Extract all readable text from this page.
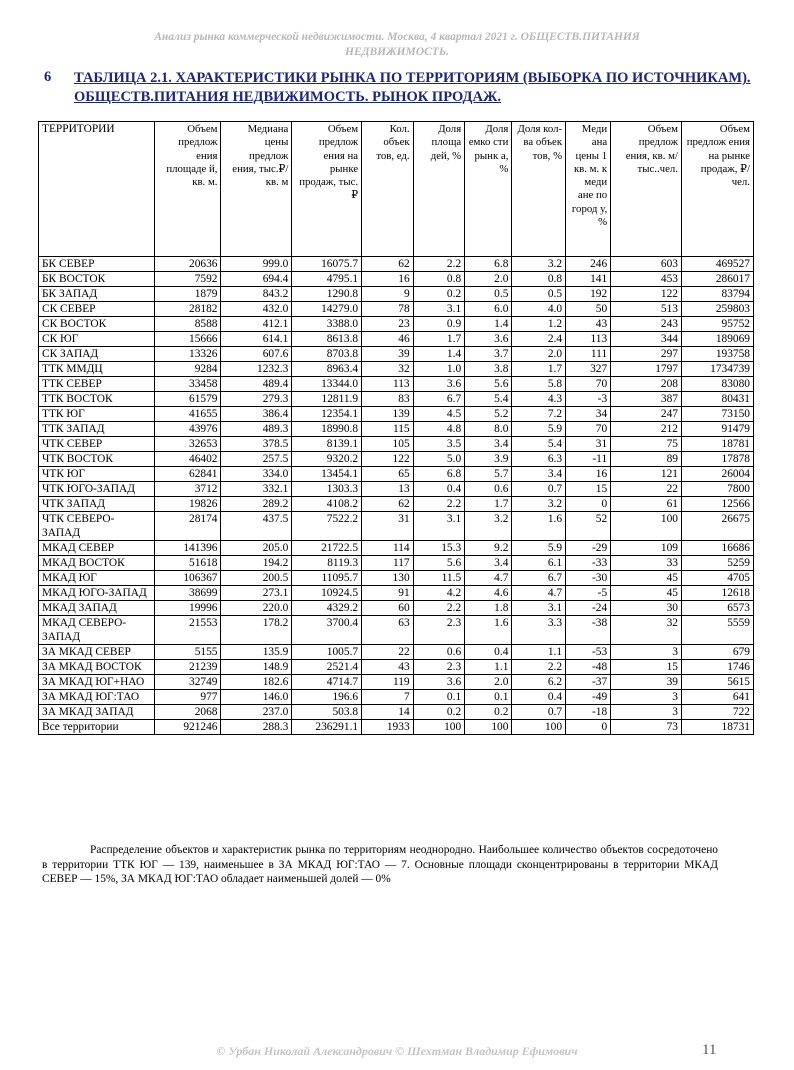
Анализ рынка коммерческой недвижимости. Москва, 4 квартал 2021 г. ОБЩЕСТВ.ПИТАНИЯ
НЕДВИЖИМОСТЬ.
6 ТАБЛИЦА 2.1. ХАРАКТЕРИСТИКИ РЫНКА ПО ТЕРРИТОРИЯМ (ВЫБОРКА ПО ИСТОЧНИКАМ). ОБЩЕСТВ.ПИТАНИЯ НЕДВИЖИМОСТЬ. РЫНОК ПРОДАЖ.
ТЕРРИТОРИИ	Объем предлож ения площаде й, кв. м.	Медиана цены предлож ения, тыс.₽/ кв. м	Объем предлож ения на рынке продаж, тыс.₽	Кол. объек тов, ед.	Доля площа дей, %	Доля емко сти рынк а, %	Доля кол-ва объек тов, %	Меди ана цены 1 кв. м. к меди ане по город у, %	Объем предлож ения, кв. м/ тыс..чел.	Объем предлож ения на рынке продаж, ₽/чел.
БК СЕВЕР	20636	999.0	16075.7	62	2.2	6.8	3.2	246	603	469527
БК ВОСТОК	7592	694.4	4795.1	16	0.8	2.0	0.8	141	453	286017
БК ЗАПАД	1879	843.2	1290.8	9	0.2	0.5	0.5	192	122	83794
СК СЕВЕР	28182	432.0	14279.0	78	3.1	6.0	4.0	50	513	259803
СК ВОСТОК	8588	412.1	3388.0	23	0.9	1.4	1.2	43	243	95752
СК ЮГ	15666	614.1	8613.8	46	1.7	3.6	2.4	113	344	189069
СК ЗАПАД	13326	607.6	8703.8	39	1.4	3.7	2.0	111	297	193758
ТТК ММДЦ	9284	1232.3	8963.4	32	1.0	3.8	1.7	327	1797	1734739
ТТК СЕВЕР	33458	489.4	13344.0	113	3.6	5.6	5.8	70	208	83080
ТТК ВОСТОК	61579	279.3	12811.9	83	6.7	5.4	4.3	-3	387	80431
ТТК ЮГ	41655	386.4	12354.1	139	4.5	5.2	7.2	34	247	73150
ТТК ЗАПАД	43976	489.3	18990.8	115	4.8	8.0	5.9	70	212	91479
ЧТК СЕВЕР	32653	378.5	8139.1	105	3.5	3.4	5.4	31	75	18781
ЧТК ВОСТОК	46402	257.5	9320.2	122	5.0	3.9	6.3	-11	89	17878
ЧТК ЮГ	62841	334.0	13454.1	65	6.8	5.7	3.4	16	121	26004
ЧТК ЮГО-ЗАПАД	3712	332.1	1303.3	13	0.4	0.6	0.7	15	22	7800
ЧТК ЗАПАД	19826	289.2	4108.2	62	2.2	1.7	3.2	0	61	12566
ЧТК СЕВЕРО-ЗАПАД	28174	437.5	7522.2	31	3.1	3.2	1.6	52	100	26675
МКАД СЕВЕР	141396	205.0	21722.5	114	15.3	9.2	5.9	-29	109	16686
МКАД ВОСТОК	51618	194.2	8119.3	117	5.6	3.4	6.1	-33	33	5259
МКАД ЮГ	106367	200.5	11095.7	130	11.5	4.7	6.7	-30	45	4705
МКАД ЮГО-ЗАПАД	38699	273.1	10924.5	91	4.2	4.6	4.7	-5	45	12618
МКАД ЗАПАД	19996	220.0	4329.2	60	2.2	1.8	3.1	-24	30	6573
МКАД СЕВЕРО-ЗАПАД	21553	178.2	3700.4	63	2.3	1.6	3.3	-38	32	5559
ЗА МКАД СЕВЕР	5155	135.9	1005.7	22	0.6	0.4	1.1	-53	3	679
ЗА МКАД ВОСТОК	21239	148.9	2521.4	43	2.3	1.1	2.2	-48	15	1746
ЗА МКАД ЮГ+НАО	32749	182.6	4714.7	119	3.6	2.0	6.2	-37	39	5615
ЗА МКАД ЮГ:ТАО	977	146.0	196.6	7	0.1	0.1	0.4	-49	3	641
ЗА МКАД ЗАПАД	2068	237.0	503.8	14	0.2	0.2	0.7	-18	3	722
Все территории	921246	288.3	236291.1	1933	100	100	100	0	73	18731
Распределение объектов и характеристик рынка по территориям неоднородно. Наибольшее количество объектов сосредоточено в территории ТТК ЮГ — 139, наименьшее в ЗА МКАД ЮГ:ТАО — 7. Основные площади сконцентрированы в территории МКАД СЕВЕР — 15%, ЗА МКАД ЮГ:ТАО обладает наименьшей долей — 0%
© Урбан Николай Александрович © Шехтман Владимир Ефимович	11
